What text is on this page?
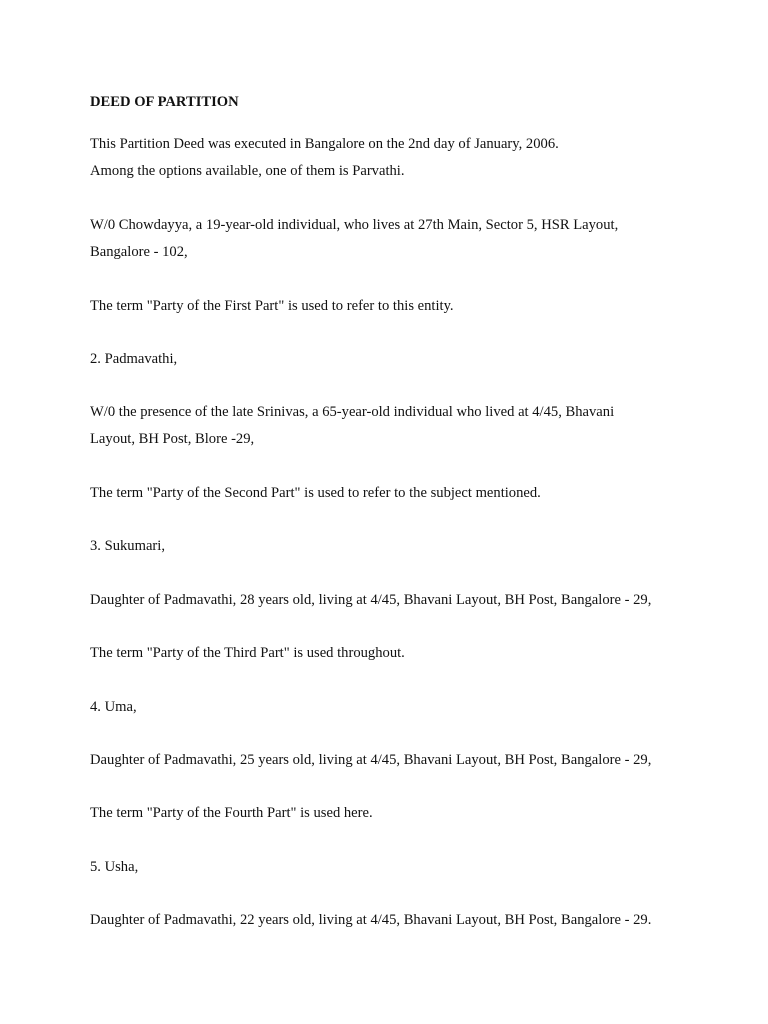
DEED OF PARTITION
This Partition Deed was executed in Bangalore on the 2nd day of January, 2006.
Among the options available, one of them is Parvathi.
W/0 Chowdayya, a 19-year-old individual, who lives at 27th Main, Sector 5, HSR Layout,
Bangalore - 102,
The term "Party of the First Part" is used to refer to this entity.
2. Padmavathi,
W/0 the presence of the late Srinivas, a 65-year-old individual who lived at 4/45, Bhavani
Layout, BH Post, Blore -29,
The term "Party of the Second Part" is used to refer to the subject mentioned.
3. Sukumari,
Daughter of Padmavathi, 28 years old, living at 4/45, Bhavani Layout, BH Post, Bangalore - 29,
The term "Party of the Third Part" is used throughout.
4. Uma,
Daughter of Padmavathi, 25 years old, living at 4/45, Bhavani Layout, BH Post, Bangalore - 29,
The term "Party of the Fourth Part" is used here.
5. Usha,
Daughter of Padmavathi, 22 years old, living at 4/45, Bhavani Layout, BH Post, Bangalore - 29.
